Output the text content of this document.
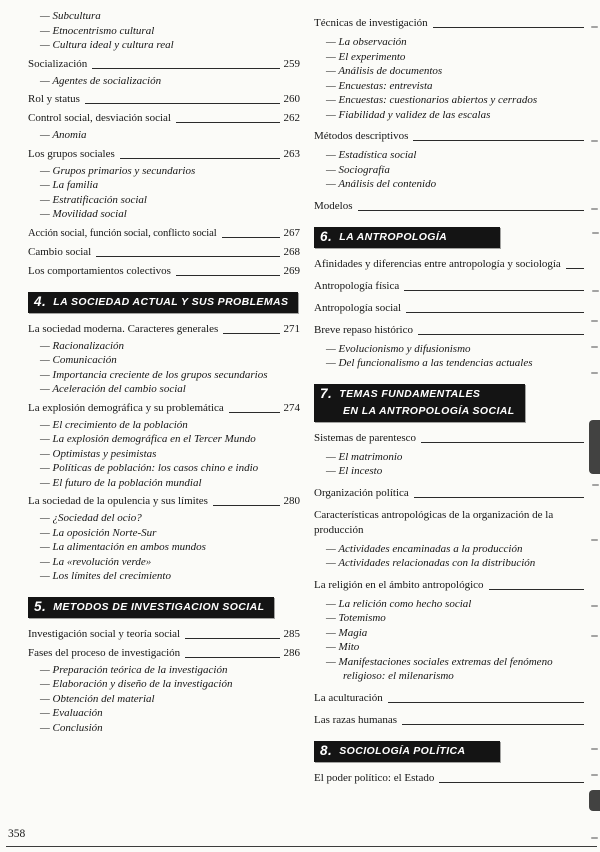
— Subcultura
— Etnocentrismo cultural
— Cultura ideal y cultura real
Socialización	259
— Agentes de socialización
Rol y status	260
Control social, desviación social	262
— Anomia
Los grupos sociales	263
— Grupos primarios y secundarios
— La familia
— Estratificación social
— Movilidad social
Acción social, función social, conflicto social	267
Cambio social	268
Los comportamientos colectivos	269
4. LA SOCIEDAD ACTUAL Y SUS PROBLEMAS
La sociedad moderna. Caracteres generales	271
— Racionalización
— Comunicación
— Importancia creciente de los grupos secundarios
— Aceleración del cambio social
La explosión demográfica y su problemática	274
— El crecimiento de la población
— La explosión demográfica en el Tercer Mundo
— Optimistas y pesimistas
— Políticas de población: los casos chino e indio
— El futuro de la población mundial
La sociedad de la opulencia y sus límites	280
— ¿Sociedad del ocio?
— La oposición Norte-Sur
— La alimentación en ambos mundos
— La «revolución verde»
— Los límites del crecimiento
5. METODOS DE INVESTIGACION SOCIAL
Investigación social y teoría social	285
Fases del proceso de investigación	286
— Preparación teórica de la investigación
— Elaboración y diseño de la investigación
— Obtención del material
— Evaluación
— Conclusión
Técnicas de investigación
— La observación
— El experimento
— Análisis de documentos
— Encuestas: entrevista
— Encuestas: cuestionarios abiertos y cerrados
— Fiabilidad y validez de las escalas
Métodos descriptivos
— Estadística social
— Sociografía
— Análisis del contenido
Modelos
6. LA ANTROPOLOGÍA
Afinidades y diferencias entre antropología y sociología
Antropología física
Antropología social
Breve repaso histórico
— Evolucionismo y difusionismo
— Del funcionalismo a las tendencias actuales
7. TEMAS FUNDAMENTALES
EN LA ANTROPOLOGÍA SOCIAL
Sistemas de parentesco
— El matrimonio
— El incesto
Organización política
Características antropológicas de la organización de la producción
— Actividades encaminadas a la producción
— Actividades relacionadas con la distribución
La religión en el ámbito antropológico
— La relición como hecho social
— Totemismo
— Magia
— Mito
— Manifestaciones sociales extremas del fenómeno religioso: el milenarismo
La aculturación
Las razas humanas
8. SOCIOLOGÍA POLÍTICA
El poder político: el Estado
358
